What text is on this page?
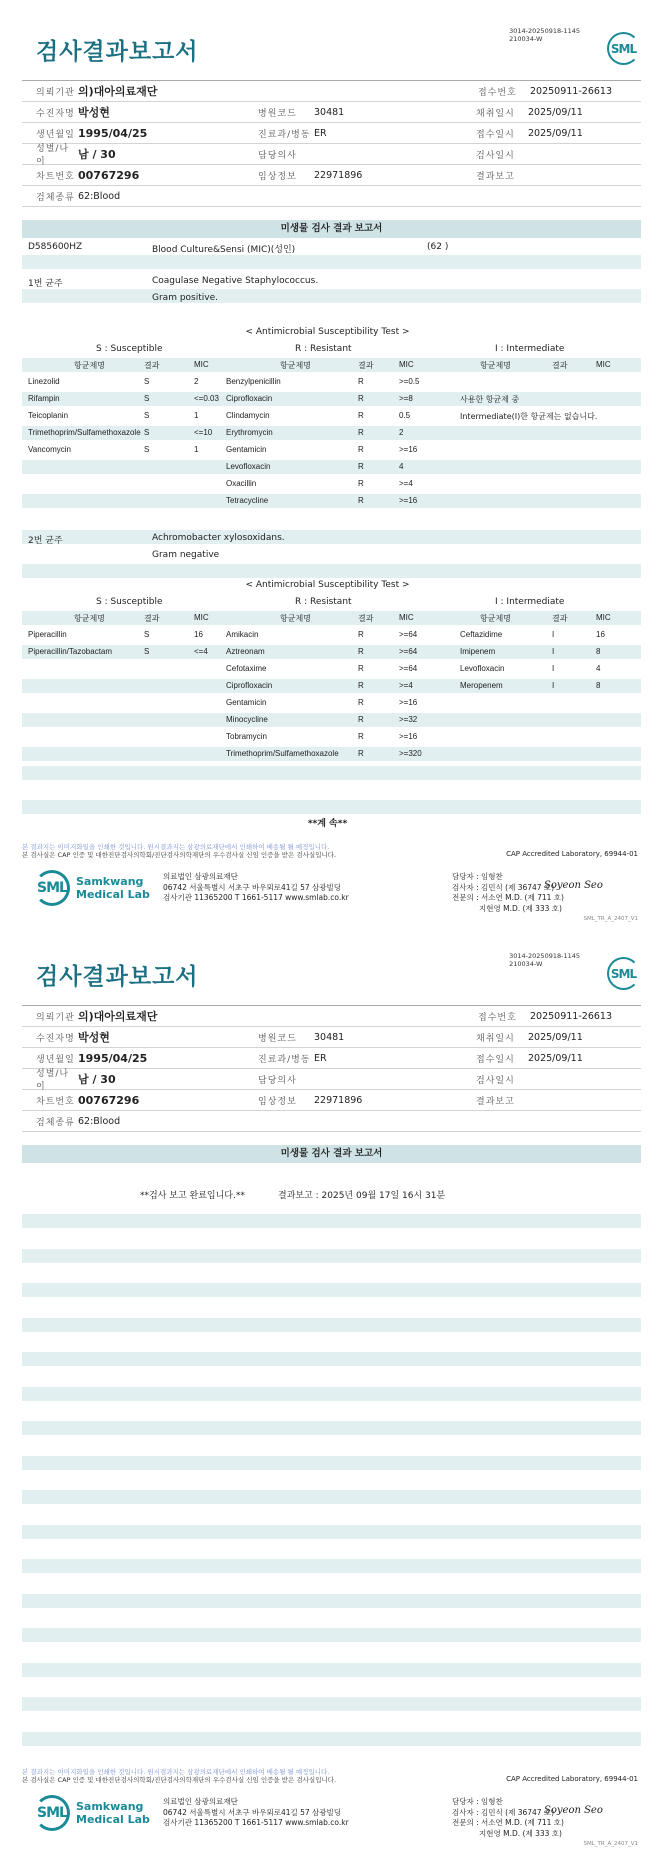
3014-20250918-1145
210034-W
SML
검사결과보고서
의뢰기관 의)대아의료재단	접수번호	20250911-26613
수진자명 박성현	병원코드	30481	채취일시	2025/09/11
생년월일 1995/04/25	진료과/병동 ER	접수일시	2025/09/11
성별/나이
남 / 30	담당의사	검사일시
차트번호 00767296	임상정보	22971896	결과보고
검체종류 62:Blood
미생물 검사 결과 보고서
D585600HZ	Blood Culture&Sensi (MIC)(성인)	(62 )
1번 균주	Coagulase Negative Staphylococcus.
Gram positive.
< Antimicrobial Susceptibility Test >
S : Susceptible	R : Resistant	I : Intermediate
항균제명	결과	MIC	항균제명	결과	MIC	항균제명	결과	MIC
Linezolid	S	2	Benzylpenicillin	R	>=0.5
Rifampin	S	<=0.03 Ciprofloxacin	R	>=8	사용한 항균제 중
Teicoplanin	S	1	Clindamycin	R	0.5	Intermediate(I)한 항균제는 없습니다.
Trimethoprim/Sulfamethoxazole S	<=10 Erythromycin	R	2
Vancomycin	S	1	Gentamicin	R	>=16
Levofloxacin	R	4
Oxacillin	R	>=4
Tetracycline	R	>=16
2번 균주	Achromobacter xylosoxidans.
Gram negative
< Antimicrobial Susceptibility Test >
S : Susceptible	R : Resistant	I : Intermediate
항균제명	결과	MIC	항균제명	결과	MIC	항균제명	결과	MIC
Piperacillin	S	16	Amikacin	R	>=64	Ceftazidime	I	16
Piperacillin/Tazobactam	S	<=4 Aztreonam	R	>=64	Imipenem	I	8
Cefotaxime	R	>=64	Levofloxacin	I	4
Ciprofloxacin	R	>=4	Meropenem	I	8
Gentamicin	R	>=16
Minocycline	R	>=32
Tobramycin	R	>=16
Trimethoprim/Sulfamethoxazole R	>=320
**계 속**
본 결과지는 이미지화일을 인쇄한 것입니다. 원시결과지는 삼광의료재단에서 인쇄하여 배송될 될 예정입니다.
본 검사실은 CAP 인증 및 대한진단검사의학회/진단검사의학재단의 우수검사실 신임 인증을 받은 검사실입니다.	CAP Accredited Laboratory, 69944-01
SML Samkwang
Medical Lab
의료법인 삼광의료재단
06742 서울특별시 서초구 바우뫼로41길 57 삼광빌딩
검사기관 11365200 T 1661-5117 www.smlab.co.kr
담당자 : 임형찬
검사자 : 김민식 (제 36747 호)
전문의 : 서소연 M.D. (제 711 호)
지현영 M.D. (제 333 호)
Soyeon Seo
SML_TR_A_2407_V1
3014-20250918-1145
210034-W
SML
검사결과보고서
의뢰기관 의)대아의료재단	접수번호	20250911-26613
수진자명 박성현	병원코드	30481	채취일시	2025/09/11
생년월일 1995/04/25	진료과/병동 ER	접수일시	2025/09/11
성별/나이
남 / 30	담당의사	검사일시
차트번호 00767296	임상정보	22971896	결과보고
검체종류 62:Blood
미생물 검사 결과 보고서
**검사 보고 완료입니다.**	결과보고 : 2025년 09월 17일 16시 31분
본 결과지는 이미지화일을 인쇄한 것입니다. 원시결과지는 삼광의료재단에서 인쇄하여 배송될 될 예정입니다.
본 검사실은 CAP 인증 및 대한진단검사의학회/진단검사의학재단의 우수검사실 신임 인증을 받은 검사실입니다.	CAP Accredited Laboratory, 69944-01
SML Samkwang
Medical Lab
의료법인 삼광의료재단
06742 서울특별시 서초구 바우뫼로41길 57 삼광빌딩
검사기관 11365200 T 1661-5117 www.smlab.co.kr
담당자 : 임형찬
검사자 : 김민식 (제 36747 호)
전문의 : 서소연 M.D. (제 711 호)
지현영 M.D. (제 333 호)
Soyeon Seo
SML_TR_A_2407_V1
